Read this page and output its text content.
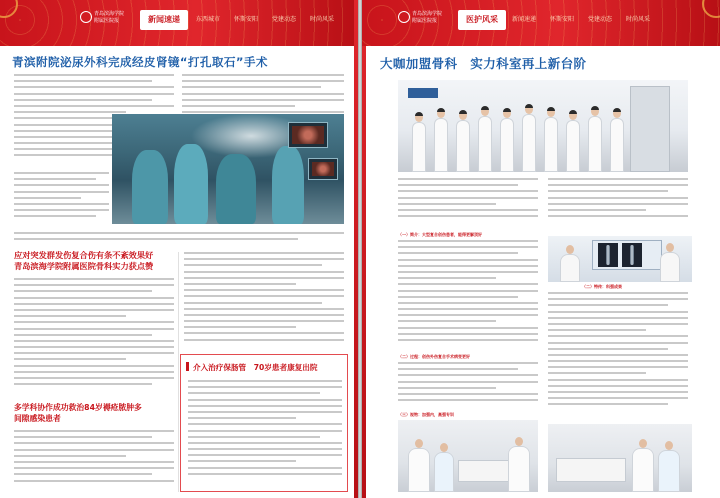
青岛滨海学院
附属医院报	新闻速递	东西城市 怀斯安阳 党建动态 时尚风采
青滨附院泌尿外科完成经皮肾镜“打孔取石”手术
应对突发群发伤复合伤有条不紊效果好
青岛滨海学院附属医院骨科实力获点赞
多学科协作成功救治84岁褥疮脓肿多
间隙感染患者
介入治疗保肠管　70岁患者康复出院
青岛滨海学院
附属医院报	医护风采	新闻速递 怀斯安阳 党建动态 时尚风采
大咖加盟骨科　实力科室再上新台阶
（一）简介：大型复合创伤患者，能得更解顶好
（二）特传：科强成果
（二）过程：创伤外伤复合手术病变更好
（三）视物：加强内，高强专训
